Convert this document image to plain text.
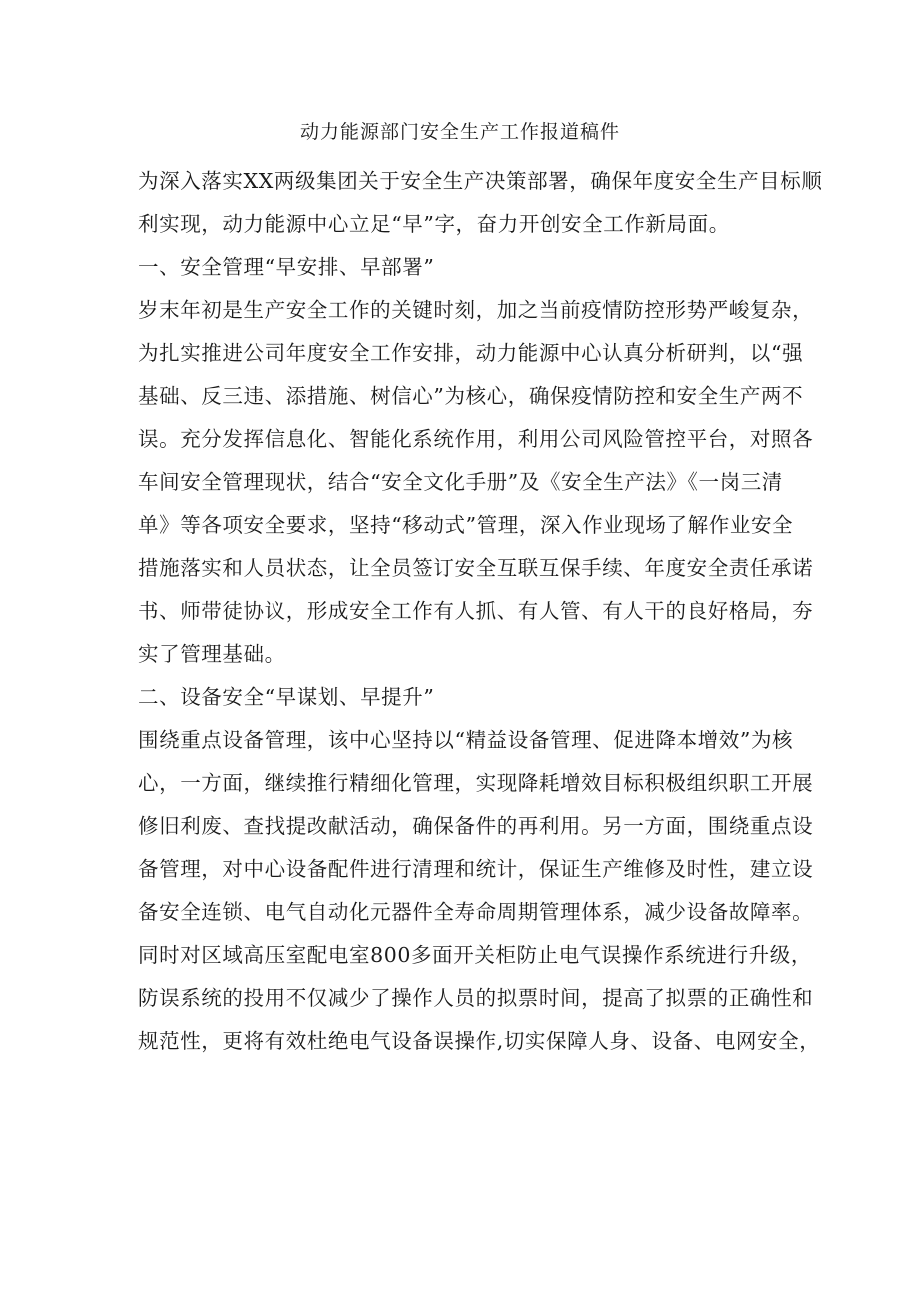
动力能源部门安全生产工作报道稿件
为深入落实XX两级集团关于安全生产决策部署，确保年度安全生产目标顺
利实现，动力能源中心立足“早”字，奋力开创安全工作新局面。
一、安全管理“早安排、早部署”
岁末年初是生产安全工作的关键时刻，加之当前疫情防控形势严峻复杂，
为扎实推进公司年度安全工作安排，动力能源中心认真分析研判，以“强
基础、反三违、添措施、树信心”为核心，确保疫情防控和安全生产两不
误。充分发挥信息化、智能化系统作用，利用公司风险管控平台，对照各
车间安全管理现状，结合“安全文化手册”及《安全生产法》《一岗三清
单》等各项安全要求，坚持“移动式”管理，深入作业现场了解作业安全
措施落实和人员状态，让全员签订安全互联互保手续、年度安全责任承诺
书、师带徒协议，形成安全工作有人抓、有人管、有人干的良好格局，夯
实了管理基础。
二、设备安全“早谋划、早提升”
围绕重点设备管理，该中心坚持以“精益设备管理、促进降本增效”为核
心，一方面，继续推行精细化管理，实现降耗增效目标积极组织职工开展
修旧利废、查找提改献活动，确保备件的再利用。另一方面，围绕重点设
备管理，对中心设备配件进行清理和统计，保证生产维修及时性，建立设
备安全连锁、电气自动化元器件全寿命周期管理体系，减少设备故障率。
同时对区域高压室配电室800多面开关柜防止电气误操作系统进行升级，
防误系统的投用不仅减少了操作人员的拟票时间，提高了拟票的正确性和
规范性，更将有效杜绝电气设备误操作,切实保障人身、设备、电网安全，
